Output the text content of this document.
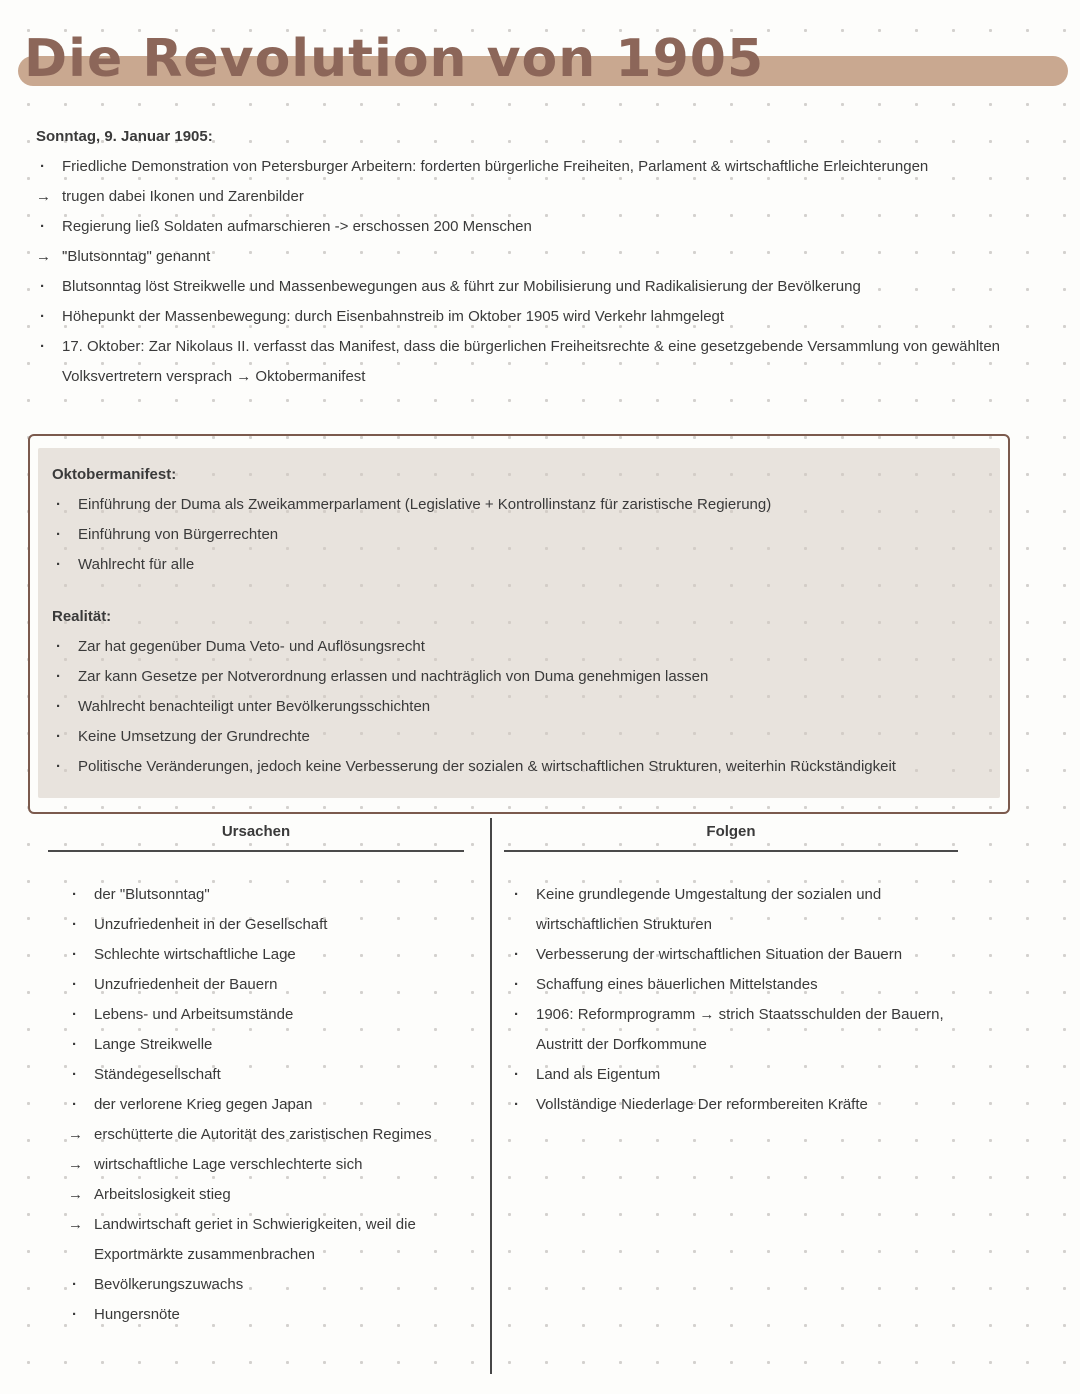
Die Revolution von 1905
Sonntag, 9. Januar 1905:
·	Friedliche Demonstration von Petersburger Arbeitern: forderten bürgerliche Freiheiten, Parlament & wirtschaftliche Erleichterungen
→ trugen dabei Ikonen und Zarenbilder
·	Regierung ließ Soldaten aufmarschieren -> erschossen 200 Menschen
→ "Blutsonntag" genannt
·	Blutsonntag löst Streikwelle und Massenbewegungen aus & führt zur Mobilisierung und Radikalisierung der Bevölkerung
·	Höhepunkt der Massenbewegung: durch Eisenbahnstreib im Oktober 1905 wird Verkehr lahmgelegt
·	17. Oktober: Zar Nikolaus II. verfasst das Manifest, dass die bürgerlichen Freiheitsrechte & eine gesetzgebende Versammlung von gewählten Volksvertretern versprach → Oktobermanifest
Oktobermanifest:
·	Einführung der Duma als Zweikammerparlament (Legislative + Kontrollinstanz für zaristische Regierung)
·	Einführung von Bürgerrechten
·	Wahlrecht für alle
Realität:
·	Zar hat gegenüber Duma Veto- und Auflösungsrecht
·	Zar kann Gesetze per Notverordnung erlassen und nachträglich von Duma genehmigen lassen
·	Wahlrecht benachteiligt unter Bevölkerungsschichten
·	Keine Umsetzung der Grundrechte
·	Politische Veränderungen, jedoch keine Verbesserung der sozialen & wirtschaftlichen Strukturen, weiterhin Rückständigkeit
Ursachen
·	der "Blutsonntag"
·	Unzufriedenheit in der Gesellschaft
·	Schlechte wirtschaftliche Lage
·	Unzufriedenheit der Bauern
·	Lebens- und Arbeitsumstände
·	Lange Streikwelle
·	Ständegesellschaft
·	der verlorene Krieg gegen Japan
→ erschütterte die Autorität des zaristischen Regimes
→ wirtschaftliche Lage verschlechterte sich
→ Arbeitslosigkeit stieg
→ Landwirtschaft geriet in Schwierigkeiten, weil die Exportmärkte zusammenbrachen
·	Bevölkerungszuwachs
·	Hungersnöte
Folgen
·	Keine grundlegende Umgestaltung der sozialen und wirtschaftlichen Strukturen
·	Verbesserung der wirtschaftlichen Situation der Bauern
·	Schaffung eines bäuerlichen Mittelstandes
·	1906: Reformprogramm → strich Staatsschulden der Bauern, Austritt der Dorfkommune
·	Land als Eigentum
·	Vollständige Niederlage Der reformbereiten Kräfte
